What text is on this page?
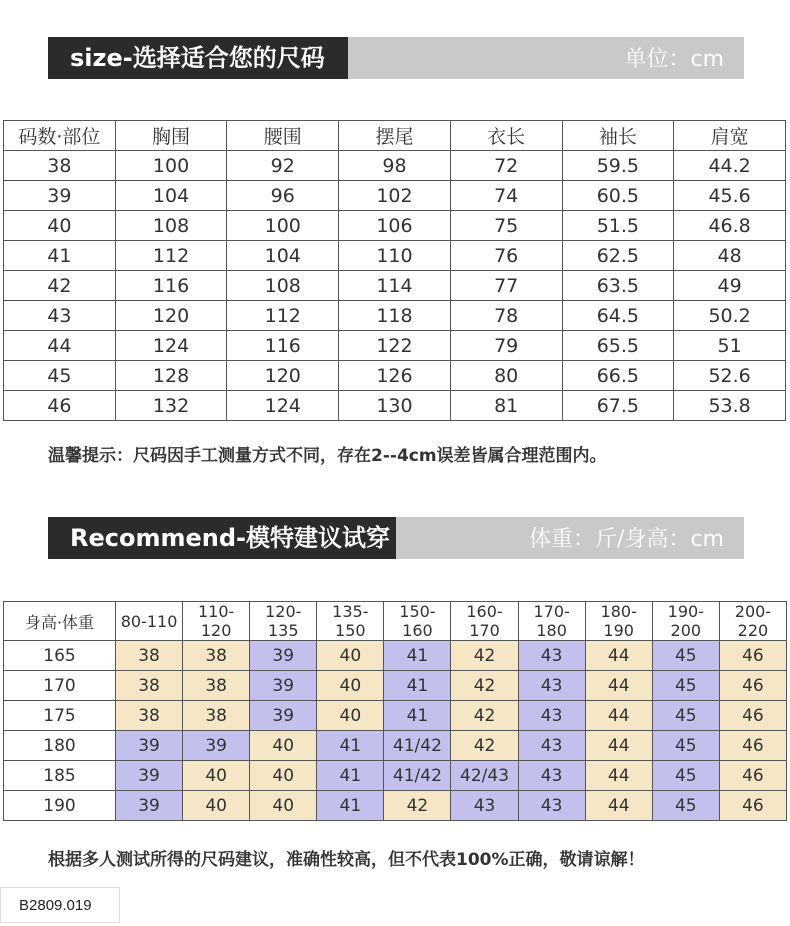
size-选择适合您的尺码	单位：cm
码数·部位	胸围	腰围	摆尾	衣长	袖长	肩宽
38	100	92	98	72	59.5	44.2
39	104	96	102	74	60.5	45.6
40	108	100	106	75	51.5	46.8
41	112	104	110	76	62.5	48
42	116	108	114	77	63.5	49
43	120	112	118	78	64.5	50.2
44	124	116	122	79	65.5	51
45	128	120	126	80	66.5	52.6
46	132	124	130	81	67.5	53.8
温馨提示：尺码因手工测量方式不同，存在2--4cm误差皆属合理范围内。
Recommend-模特建议试穿	体重：斤/身高：cm
身高·体重	80-110	110-120	120-135	135-150	150-160	160-170	170-180	180-190	190-200	200-220
165	38	38	39	40	41	42	43	44	45	46
170	38	38	39	40	41	42	43	44	45	46
175	38	38	39	40	41	42	43	44	45	46
180	39	39	40	41	41/42	42	43	44	45	46
185	39	40	40	41	41/42	42/43	43	44	45	46
190	39	40	40	41	42	43	43	44	45	46
根据多人测试所得的尺码建议，准确性较高，但不代表100%正确，敬请谅解！
B2809.019
